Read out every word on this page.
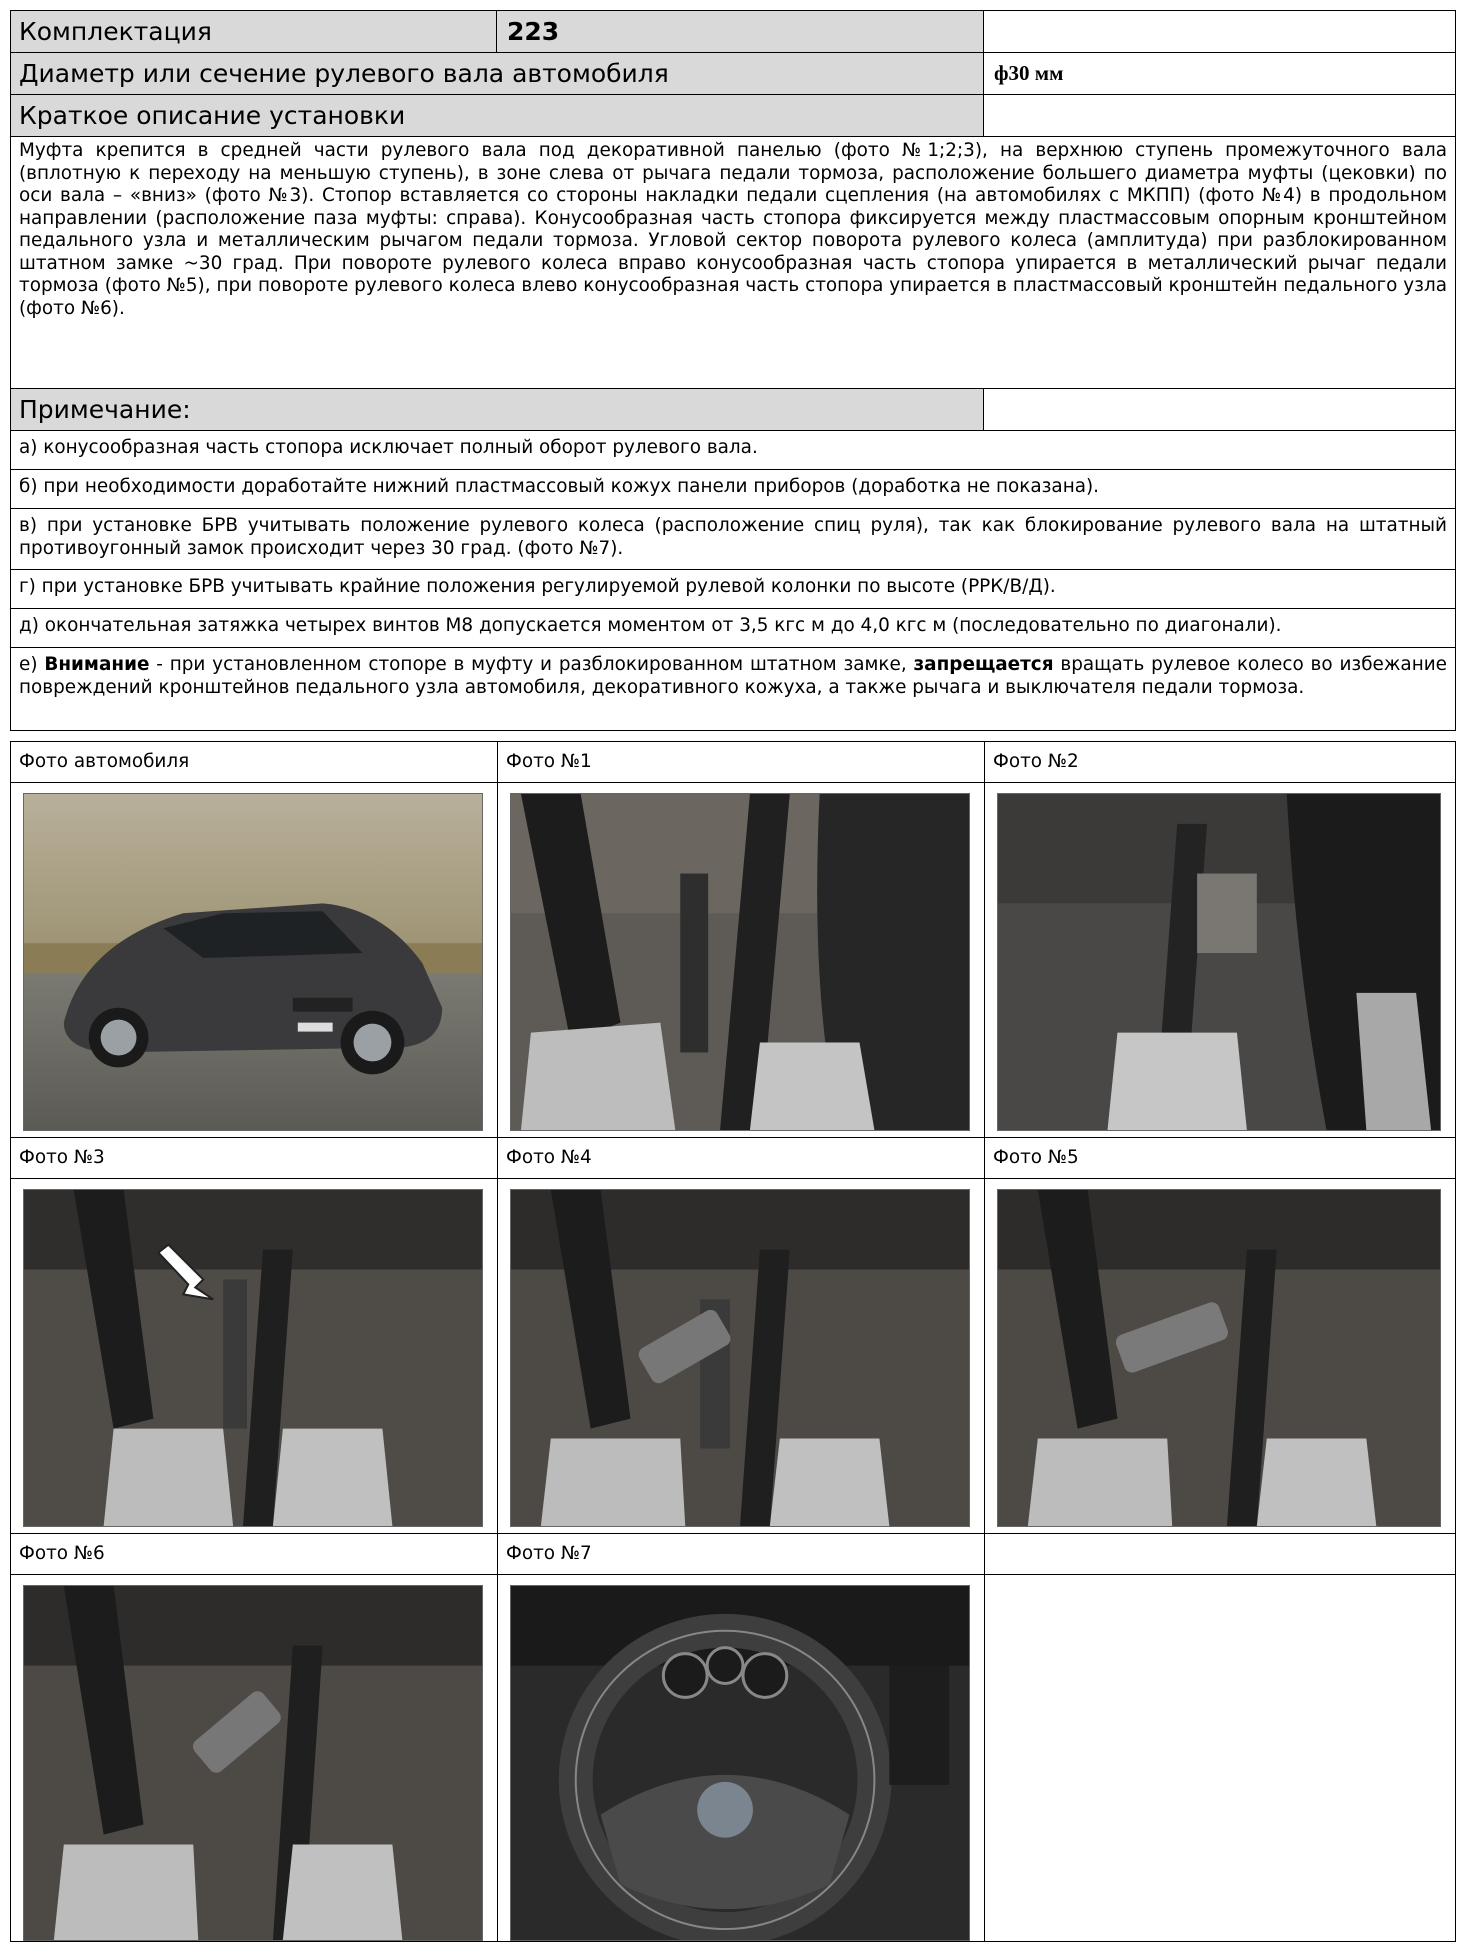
Комплектация	223
Диаметр или сечение рулевого вала автомобиля	ф30 мм
Краткое описание установки
Муфта крепится в средней части рулевого вала под декоративной панелью (фото №1;2;3), на верхнюю ступень промежуточного вала (вплотную к переходу на меньшую ступень), в зоне слева от рычага педали тормоза, расположение большего диаметра муфты (цековки) по оси вала – «вниз» (фото №3). Стопор вставляется со стороны накладки педали сцепления (на автомобилях с МКПП) (фото №4) в продольном направлении (расположение паза муфты: справа). Конусообразная часть стопора фиксируется между пластмассовым опорным кронштейном педального узла и металлическим рычагом педали тормоза. Угловой сектор поворота рулевого колеса (амплитуда) при разблокированном штатном замке ~30 град. При повороте рулевого колеса вправо конусообразная часть стопора упирается в металлический рычаг педали тормоза (фото №5), при повороте рулевого колеса влево конусообразная часть стопора упирается в пластмассовый кронштейн педального узла (фото №6).
Примечание:
а) конусообразная часть стопора исключает полный оборот рулевого вала.
б) при необходимости доработайте нижний пластмассовый кожух панели приборов (доработка не показана).
в) при установке БРВ учитывать положение рулевого колеса (расположение спиц руля), так как блокирование рулевого вала на штатный противоугонный замок происходит через 30 град. (фото №7).
г) при установке БРВ учитывать крайние положения регулируемой рулевой колонки по высоте (РРК/В/Д).
д) окончательная затяжка четырех винтов М8 допускается моментом от 3,5 кгс м до 4,0 кгс м (последовательно по диагонали).
е) Внимание - при установленном стопоре в муфту и разблокированном штатном замке, запрещается вращать рулевое колесо во избежание повреждений кронштейнов педального узла автомобиля, декоративного кожуха, а также рычага и выключателя педали тормоза.
Фото автомобиля	Фото №1	Фото №2
Фото №3	Фото №4	Фото №5
Фото №6	Фото №7
